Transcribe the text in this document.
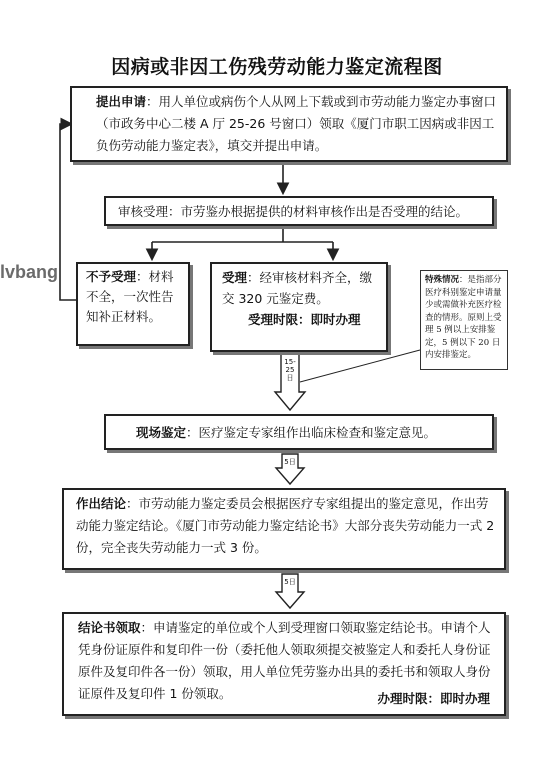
因病或非因工伤残劳动能力鉴定流程图
lvbang
15-25日
5日
5日
提出申请：用人单位或病伤个人从网上下载或到市劳动能力鉴定办事窗口（市政务中心二楼 A 厅 25-26 号窗口）领取《厦门市职工因病或非因工负伤劳动能力鉴定表》，填交并提出申请。
审核受理：市劳鉴办根据提供的材料审核作出是否受理的结论。
不予受理：材料不全，一次性告知补正材料。
受理：经审核材料齐全，缴交 320 元鉴定费。
受理时限：即时办理
特殊情况：是指部分医疗科别鉴定申请量少或需做补充医疗检查的情形。原则上受理 5 例以上安排鉴定，5 例以下 20 日内安排鉴定。
现场鉴定：医疗鉴定专家组作出临床检查和鉴定意见。
作出结论：市劳动能力鉴定委员会根据医疗专家组提出的鉴定意见，作出劳动能力鉴定结论。《厦门市劳动能力鉴定结论书》大部分丧失劳动能力一式 2 份，完全丧失劳动能力一式 3 份。
结论书领取：申请鉴定的单位或个人到受理窗口领取鉴定结论书。申请个人凭身份证原件和复印件一份（委托他人领取须提交被鉴定人和委托人身份证原件及复印件各一份）领取，用人单位凭劳鉴办出具的委托书和领取人身份证原件及复印件 1 份领取。	办理时限：即时办理
